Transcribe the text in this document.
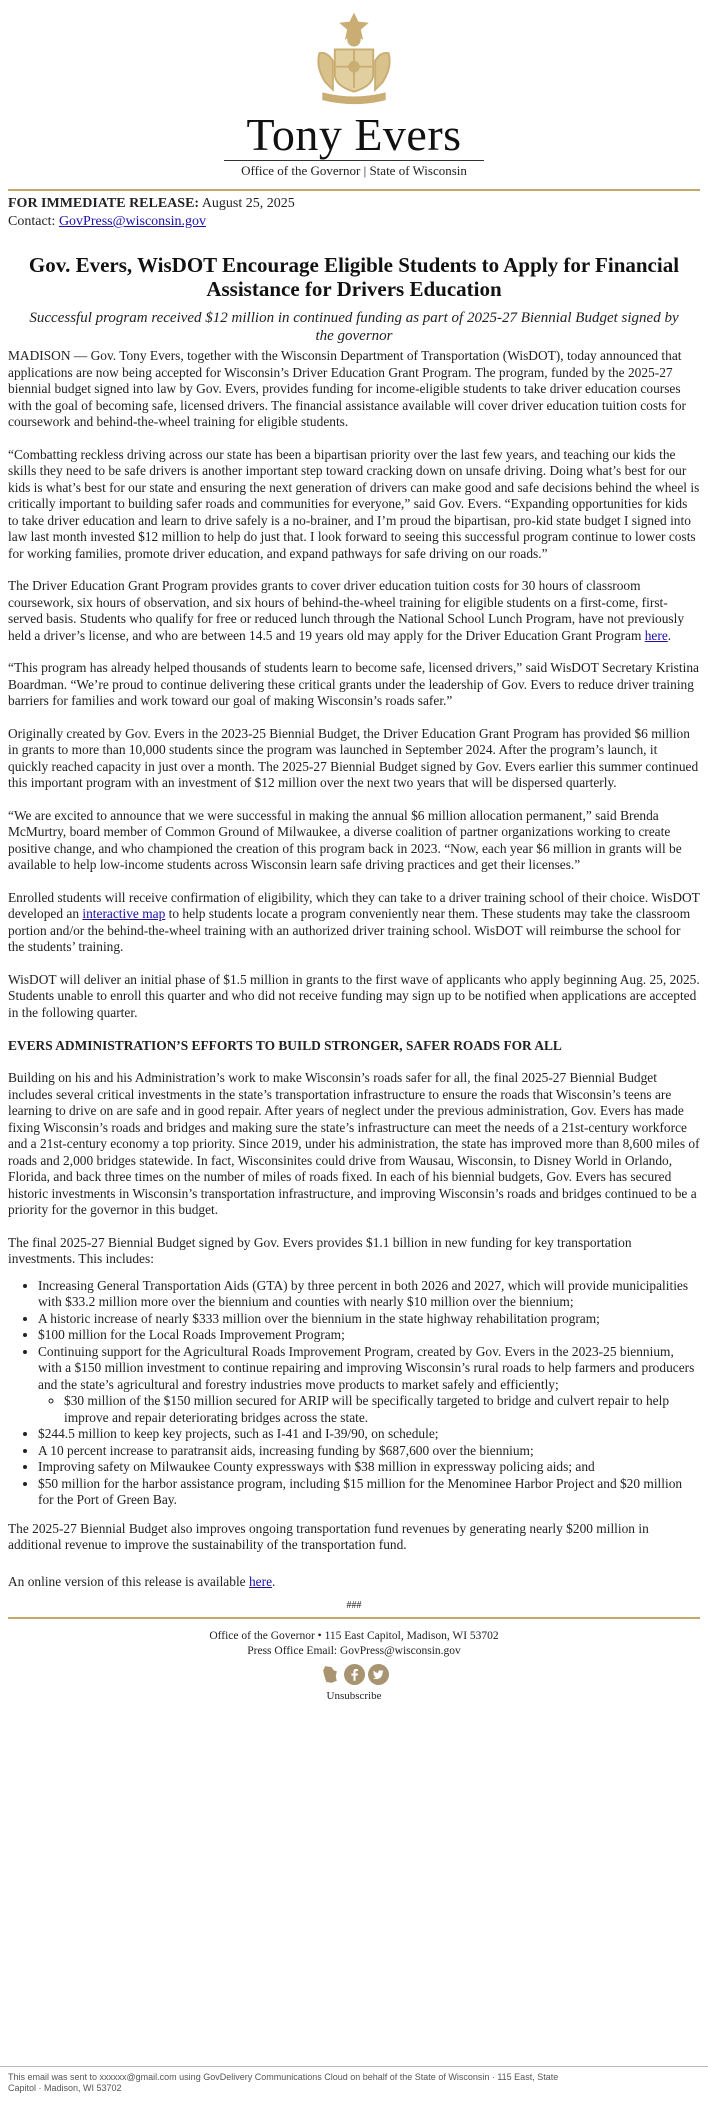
Tony Evers
Office of the Governor | State of Wisconsin
FOR IMMEDIATE RELEASE: August 25, 2025
Contact: GovPress@wisconsin.gov
Gov. Evers, WisDOT Encourage Eligible Students to Apply for Financial Assistance for Drivers Education
Successful program received $12 million in continued funding as part of 2025-27 Biennial Budget signed by the governor

MADISON — Gov. Tony Evers, together with the Wisconsin Department of Transportation (WisDOT), today announced that applications are now being accepted for Wisconsin’s Driver Education Grant Program. The program, funded by the 2025-27 biennial budget signed into law by Gov. Evers, provides funding for income-eligible students to take driver education courses with the goal of becoming safe, licensed drivers. The financial assistance available will cover driver education tuition costs for coursework and behind-the-wheel training for eligible students.

“Combatting reckless driving across our state has been a bipartisan priority over the last few years, and teaching our kids the skills they need to be safe drivers is another important step toward cracking down on unsafe driving. Doing what’s best for our kids is what’s best for our state and ensuring the next generation of drivers can make good and safe decisions behind the wheel is critically important to building safer roads and communities for everyone,” said Gov. Evers. “Expanding opportunities for kids to take driver education and learn to drive safely is a no-brainer, and I’m proud the bipartisan, pro-kid state budget I signed into law last month invested $12 million to help do just that. I look forward to seeing this successful program continue to lower costs for working families, promote driver education, and expand pathways for safe driving on our roads.”

The Driver Education Grant Program provides grants to cover driver education tuition costs for 30 hours of classroom coursework, six hours of observation, and six hours of behind-the-wheel training for eligible students on a first-come, first-served basis. Students who qualify for free or reduced lunch through the National School Lunch Program, have not previously held a driver’s license, and who are between 14.5 and 19 years old may apply for the Driver Education Grant Program here.

“This program has already helped thousands of students learn to become safe, licensed drivers,” said WisDOT Secretary Kristina Boardman. “We’re proud to continue delivering these critical grants under the leadership of Gov. Evers to reduce driver training barriers for families and work toward our goal of making Wisconsin’s roads safer.”

Originally created by Gov. Evers in the 2023-25 Biennial Budget, the Driver Education Grant Program has provided $6 million in grants to more than 10,000 students since the program was launched in September 2024. After the program’s launch, it quickly reached capacity in just over a month. The 2025-27 Biennial Budget signed by Gov. Evers earlier this summer continued this important program with an investment of $12 million over the next two years that will be dispersed quarterly.

“We are excited to announce that we were successful in making the annual $6 million allocation permanent,” said Brenda McMurtry, board member of Common Ground of Milwaukee, a diverse coalition of partner organizations working to create positive change, and who championed the creation of this program back in 2023. “Now, each year $6 million in grants will be available to help low-income students across Wisconsin learn safe driving practices and get their licenses.”

Enrolled students will receive confirmation of eligibility, which they can take to a driver training school of their choice. WisDOT developed an interactive map to help students locate a program conveniently near them. These students may take the classroom portion and/or the behind-the-wheel training with an authorized driver training school. WisDOT will reimburse the school for the students’ training.

WisDOT will deliver an initial phase of $1.5 million in grants to the first wave of applicants who apply beginning Aug. 25, 2025. Students unable to enroll this quarter and who did not receive funding may sign up to be notified when applications are accepted in the following quarter.

EVERS ADMINISTRATION’S EFFORTS TO BUILD STRONGER, SAFER ROADS FOR ALL

Building on his and his Administration’s work to make Wisconsin’s roads safer for all, the final 2025-27 Biennial Budget includes several critical investments in the state’s transportation infrastructure to ensure the roads that Wisconsin’s teens are learning to drive on are safe and in good repair. After years of neglect under the previous administration, Gov. Evers has made fixing Wisconsin’s roads and bridges and making sure the state’s infrastructure can meet the needs of a 21st-century workforce and a 21st-century economy a top priority. Since 2019, under his administration, the state has improved more than 8,600 miles of roads and 2,000 bridges statewide. In fact, Wisconsinites could drive from Wausau, Wisconsin, to Disney World in Orlando, Florida, and back three times on the number of miles of roads fixed. In each of his biennial budgets, Gov. Evers has secured historic investments in Wisconsin’s transportation infrastructure, and improving Wisconsin’s roads and bridges continued to be a priority for the governor in this budget.

The final 2025-27 Biennial Budget signed by Gov. Evers provides $1.1 billion in new funding for key transportation investments. This includes:

• Increasing General Transportation Aids (GTA) by three percent in both 2026 and 2027, which will provide municipalities with $33.2 million more over the biennium and counties with nearly $10 million over the biennium;
• A historic increase of nearly $333 million over the biennium in the state highway rehabilitation program;
• $100 million for the Local Roads Improvement Program;
• Continuing support for the Agricultural Roads Improvement Program, created by Gov. Evers in the 2023-25 biennium, with a $150 million investment to continue repairing and improving Wisconsin’s rural roads to help farmers and producers and the state’s agricultural and forestry industries move products to market safely and efficiently;
◦ $30 million of the $150 million secured for ARIP will be specifically targeted to bridge and culvert repair to help improve and repair deteriorating bridges across the state.
• $244.5 million to keep key projects, such as I-41 and I-39/90, on schedule;
• A 10 percent increase to paratransit aids, increasing funding by $687,600 over the biennium;
• Improving safety on Milwaukee County expressways with $38 million in expressway policing aids; and
• $50 million for the harbor assistance program, including $15 million for the Menominee Harbor Project and $20 million for the Port of Green Bay.

The 2025-27 Biennial Budget also improves ongoing transportation fund revenues by generating nearly $200 million in additional revenue to improve the sustainability of the transportation fund.

An online version of this release is available here.

###
Office of the Governor • 115 East Capitol, Madison, WI 53702
Press Office Email: GovPress@wisconsin.gov
Unsubscribe
This email was sent to xxxxxx@gmail.com using GovDelivery Communications Cloud on behalf of the State of Wisconsin · 115 East, State Capitol · Madison, WI 53702
